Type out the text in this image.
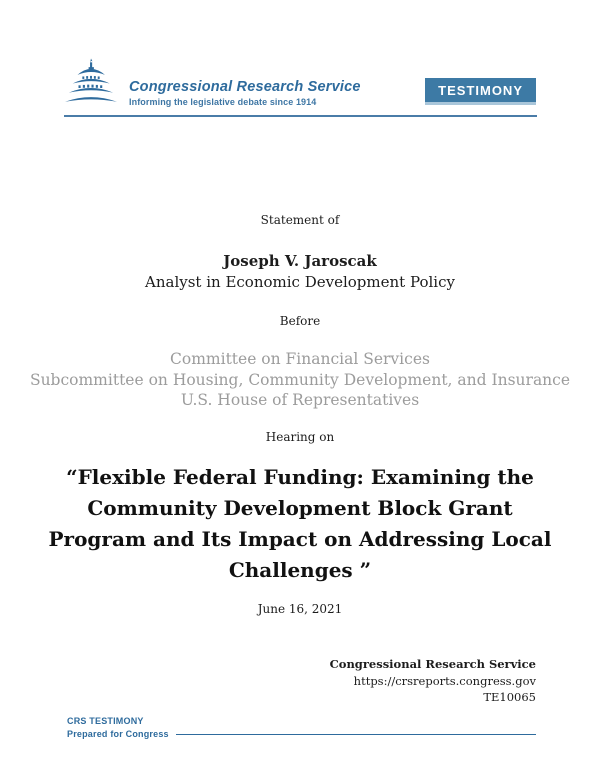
Congressional Research Service
Informing the legislative debate since 1914
TESTIMONY
Statement of
Joseph V. Jaroscak
Analyst in Economic Development Policy
Before
Committee on Financial Services
Subcommittee on Housing, Community Development, and Insurance
U.S. House of Representatives
Hearing on
“Flexible Federal Funding: Examining the
Community Development Block Grant
Program and Its Impact on Addressing Local
Challenges ”
June 16, 2021
Congressional Research Service
https://crsreports.congress.gov
TE10065
CRS TESTIMONY
Prepared for Congress
